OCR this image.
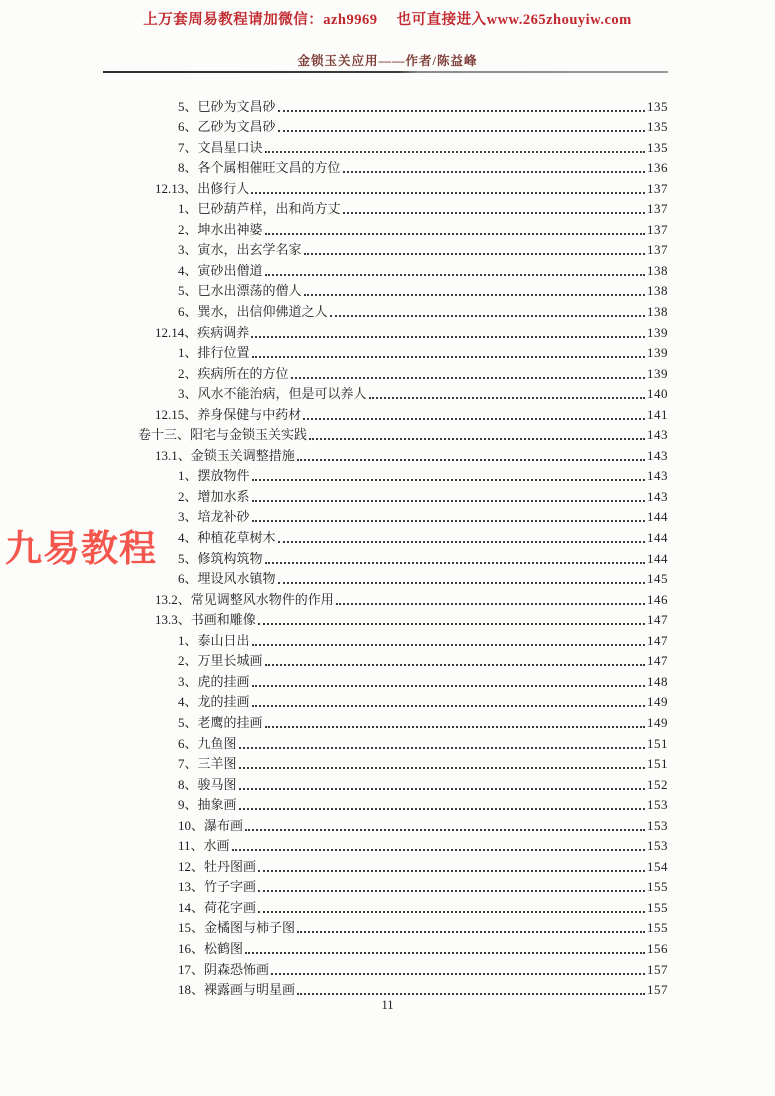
上万套周易教程请加微信：azh9969　 也可直接进入www.265zhouyiw.com
金锁玉关应用——作者/陈益峰
5、巳砂为文昌砂	135
6、乙砂为文昌砂	135
7、文昌星口诀	135
8、各个属相催旺文昌的方位	136
12.13、出修行人	137
1、巳砂葫芦样，出和尚方丈	137
2、坤水出神婆	137
3、寅水，出玄学名家	137
4、寅砂出僧道	138
5、巳水出漂荡的僧人	138
6、巽水，出信仰佛道之人	138
12.14、疾病调养	139
1、排行位置	139
2、疾病所在的方位	139
3、风水不能治病，但是可以养人	140
12.15、养身保健与中药材	141
卷十三、阳宅与金锁玉关实践	143
13.1、金锁玉关调整措施	143
1、摆放物件	143
2、增加水系	143
3、培龙补砂	144
4、种植花草树木	144
5、修筑构筑物	144
6、埋设风水镇物	145
13.2、常见调整风水物件的作用	146
13.3、书画和雕像	147
1、泰山日出	147
2、万里长城画	147
3、虎的挂画	148
4、龙的挂画	149
5、老鹰的挂画	149
6、九鱼图	151
7、三羊图	151
8、骏马图	152
9、抽象画	153
10、瀑布画	153
11、水画	153
12、牡丹图画	154
13、竹子字画	155
14、荷花字画	155
15、金橘图与柿子图	155
16、松鹤图	156
17、阴森恐怖画	157
18、裸露画与明星画	157
九易教程
11
